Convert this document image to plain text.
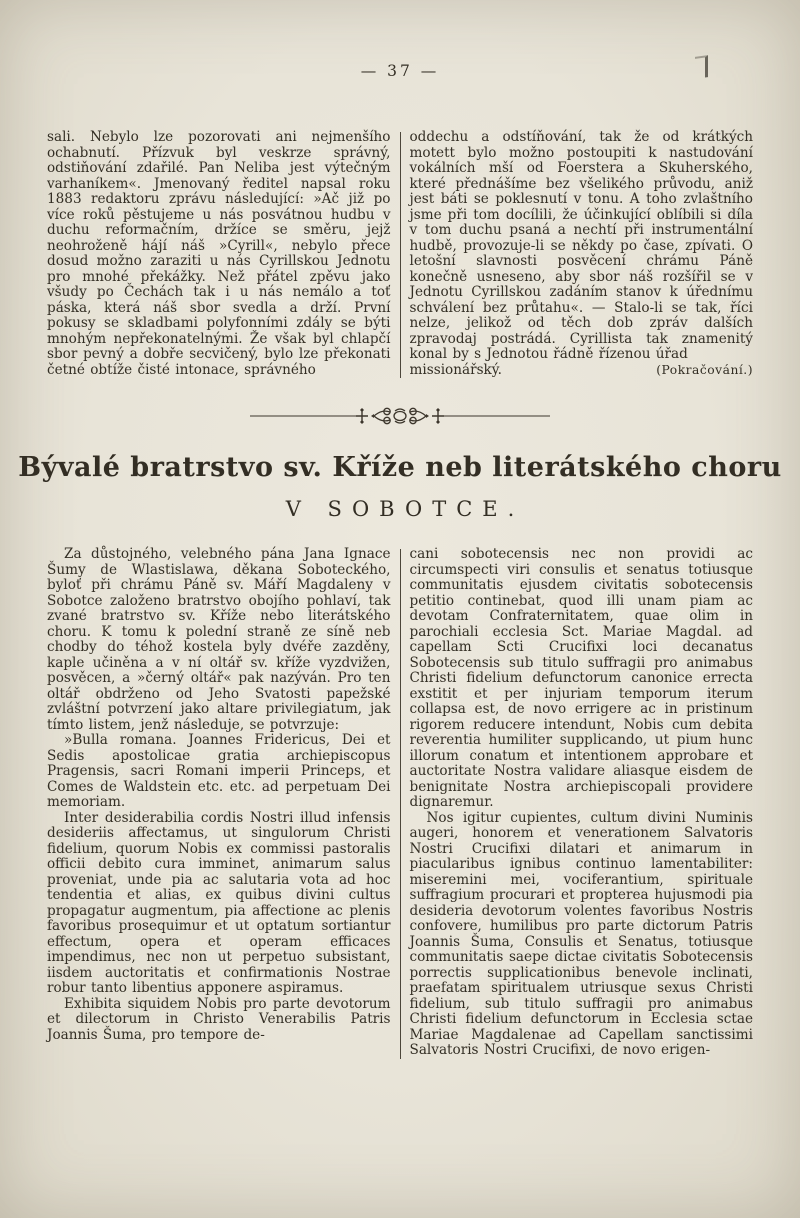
— 37 —

sali. Nebylo lze pozorovati ani nejmenšího ochabnutí. Přízvuk byl veskrze správný, odstiňování zdařilé. Pan Neliba jest výtečným varhaníkem«. Jmenovaný ředitel napsal roku 1883 redaktoru zprávu následující: »Ač již po více roků pěstujeme u nás posvátnou hudbu v duchu reformačním, držíce se směru, jejž neohroženě hájí náš »Cyrill«, nebylo přece dosud možno zaraziti u nás Cyrillskou Jednotu pro mnohé překážky. Než přátel zpěvu jako všudy po Čechách tak i u nás nemálo a toť páska, která náš sbor svedla a drží. První pokusy se skladbami polyfonními zdály se býti mnohým nepřekonatelnými. Že však byl chlapčí sbor pevný a dobře secvičený, bylo lze překonati četné obtíže čisté intonace, správného

oddechu a odstíňování, tak že od krátkých motett bylo možno postoupiti k nastudování vokálních mší od Foerstera a Skuherského, které přednášíme bez všelikého průvodu, aniž jest báti se poklesnutí v tonu. A toho zvlaštního jsme při tom docílili, že účinkující oblíbili si díla v tom duchu psaná a nechtí při instrumentální hudbě, provozuje-li se někdy po čase, zpívati. O letošní slavnosti posvěcení chrámu Páně konečně usneseno, aby sbor náš rozšířil se v Jednotu Cyrillskou zadáním stanov k úřednímu schválení bez průtahu«. — Stalo-li se tak, říci nelze, jelikož od těch dob zpráv dalších zpravodaj postrádá. Cyrillista tak znamenitý konal by s Jednotou řádně řízenou úřad

missionářský.	(Pokračování.)
Bývalé bratrstvo sv. Kříže neb literátského choru
V SOBOTCE.

Za důstojného, velebného pána Jana Ignace Šumy de Wlastislawa, děkana Soboteckého, byloť při chrámu Páně sv. Máří Magdaleny v Sobotce založeno bratrstvo obojího pohlaví, tak zvané bratrstvo sv. Kříže nebo literátského choru. K tomu k polední straně ze síně neb chodby do téhož kostela byly dvéře zazděny, kaple učiněna a v ní oltář sv. kříže vyzdvižen, posvěcen, a »černý oltář« pak nazýván. Pro ten oltář obdrženo od Jeho Svatosti papežské zvláštní potvrzení jako altare privilegiatum, jak tímto listem, jenž následuje, se potvrzuje:

»Bulla romana. Joannes Fridericus, Dei et Sedis apostolicae gratia archiepiscopus Pragensis, sacri Romani imperii Princeps, et Comes de Waldstein etc. etc. ad perpetuam Dei memoriam.

Inter desiderabilia cordis Nostri illud infensis desideriis affectamus, ut singulorum Christi fidelium, quorum Nobis ex commissi pastoralis officii debito cura imminet, animarum salus proveniat, unde pia ac salutaria vota ad hoc tendentia et alias, ex quibus divini cultus propagatur augmentum, pia affectione ac plenis favoribus prosequimur et ut optatum sortiantur effectum, opera et operam efficaces impendimus, nec non ut perpetuo subsistant, iisdem auctoritatis et confirmationis Nostrae robur tanto libentius apponere aspiramus.

Exhibita siquidem Nobis pro parte devotorum et dilectorum in Christo Venerabilis Patris Joannis Šuma, pro tempore de-

cani sobotecensis nec non providi ac circumspecti viri consulis et senatus totiusque communitatis ejusdem civitatis sobotecensis petitio continebat, quod illi unam piam ac devotam Confraternitatem, quae olim in parochiali ecclesia Sct. Mariae Magdal. ad capellam Scti Crucifixi loci decanatus Sobotecensis sub titulo suffragii pro animabus Christi fidelium defunctorum canonice errecta exstitit et per injuriam temporum iterum collapsa est, de novo errigere ac in pristinum rigorem reducere intendunt, Nobis cum debita reverentia humiliter supplicando, ut pium hunc illorum conatum et intentionem approbare et auctoritate Nostra validare aliasque eisdem de benignitate Nostra archiepiscopali providere dignaremur.

Nos igitur cupientes, cultum divini Numinis augeri, honorem et venerationem Salvatoris Nostri Crucifixi dilatari et animarum in piacularibus ignibus continuo lamentabiliter: miseremini mei, vociferantium, spirituale suffragium procurari et propterea hujusmodi pia desideria devotorum volentes favoribus Nostris confovere, humilibus pro parte dictorum Patris Joannis Šuma, Consulis et Senatus, totiusque communitatis saepe dictae civitatis Sobotecensis porrectis supplicationibus benevole inclinati, praefatam spiritualem utriusque sexus Christi fidelium, sub titulo suffragii pro animabus Christi fidelium defunctorum in Ecclesia sctae Mariae Magdalenae ad Capellam sanctissimi Salvatoris Nostri Crucifixi, de novo erigen-
